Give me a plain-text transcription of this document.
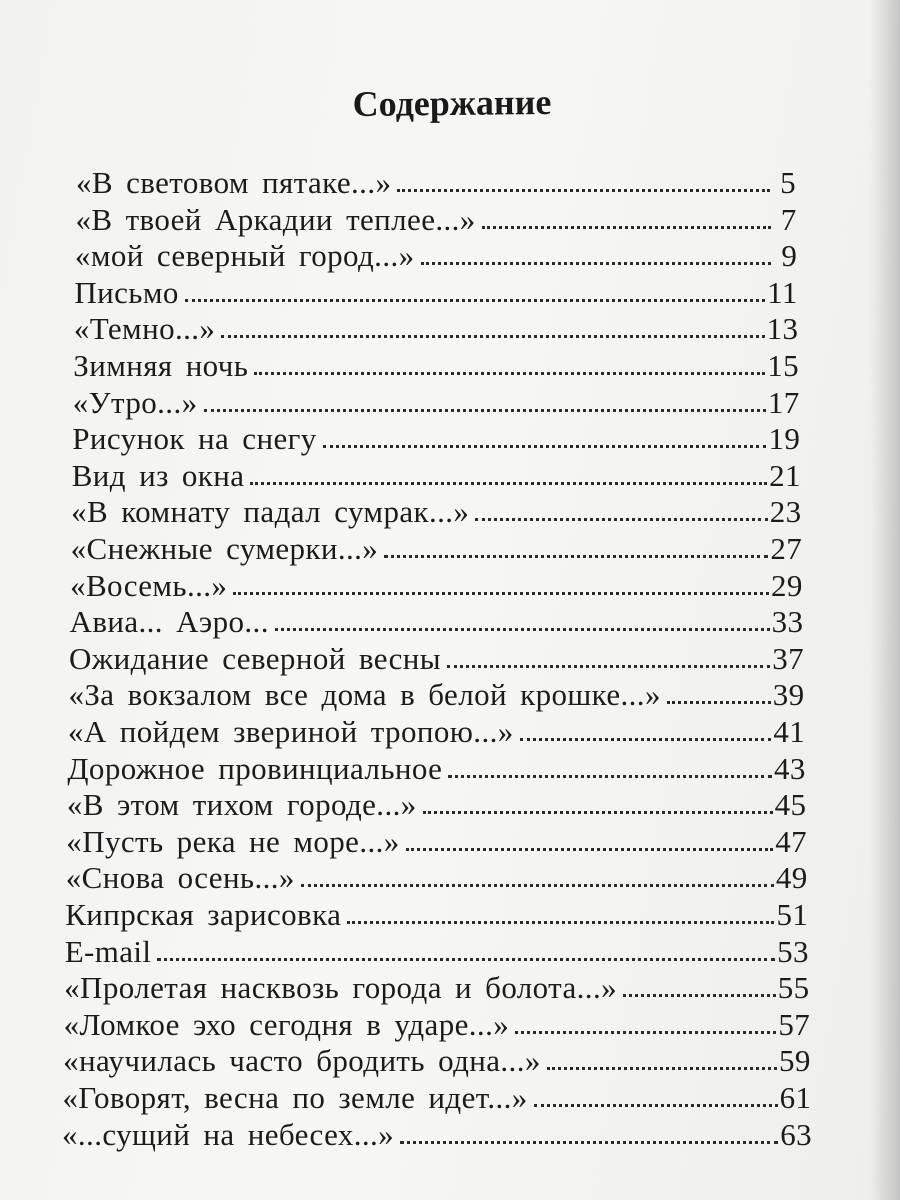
Содержание
«В световом пятаке...»	5
«В твоей Аркадии теплее...»	7
«мой северный город...»	9
Письмо	11
«Темно...»	13
Зимняя ночь	15
«Утро...»	17
Рисунок на снегу	19
Вид из окна	21
«В комнату падал сумрак...»	23
«Снежные сумерки...»	27
«Восемь...»	29
Авиа... Аэро...	33
Ожидание северной весны	37
«За вокзалом все дома в белой крошке...»	39
«А пойдем звериной тропою...»	41
Дорожное провинциальное	43
«В этом тихом городе...»	45
«Пусть река не море...»	47
«Снова осень...»	49
Кипрская зарисовка	51
E-mail	53
«Пролетая насквозь города и болота...»	55
«Ломкое эхо сегодня в ударе...»	57
«научилась часто бродить одна...»	59
«Говорят, весна по земле идет...»	61
«...сущий на небесех...»	63
